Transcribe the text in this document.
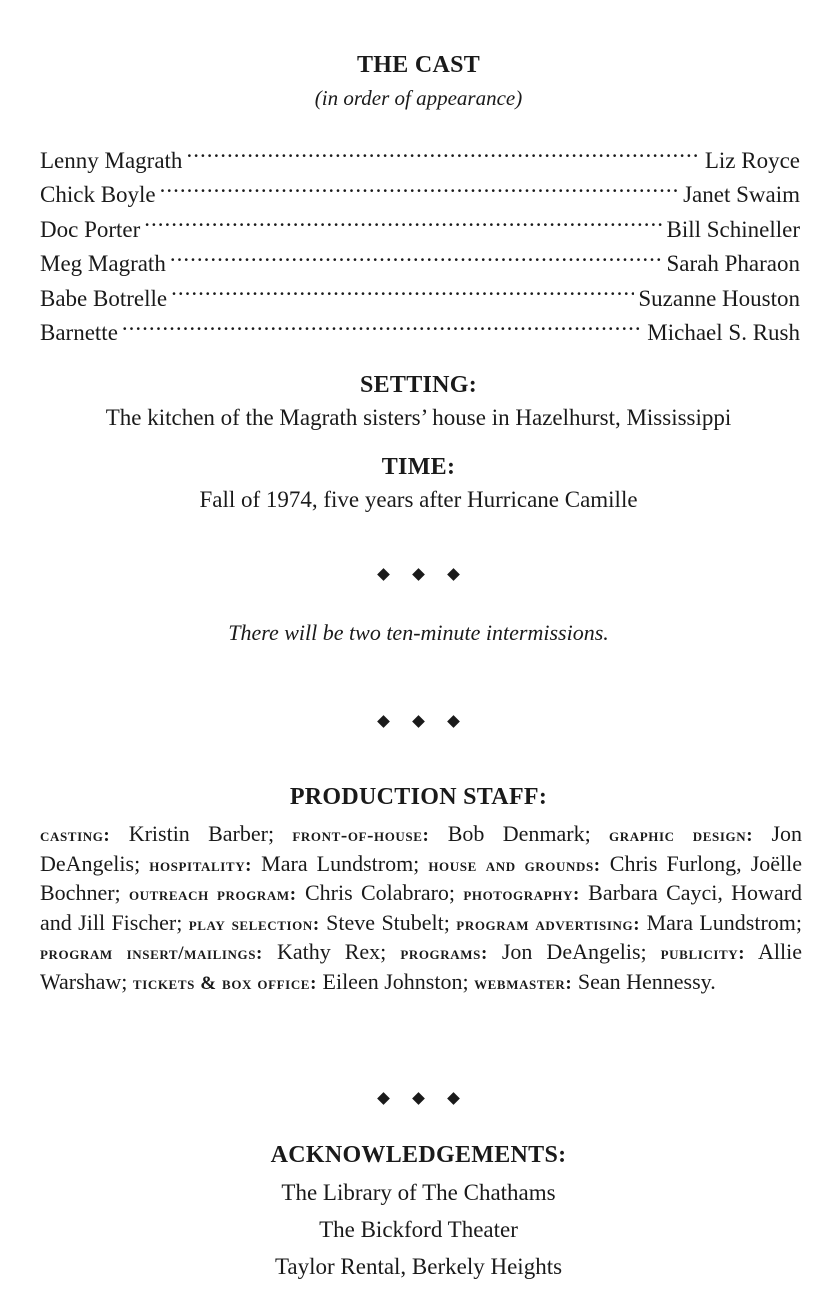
THE CAST
(in order of appearance)
Lenny Magrath .....	Liz Royce
Chick Boyle .....	Janet Swaim
Doc Porter .....	Bill Schineller
Meg Magrath .....	Sarah Pharaon
Babe Botrelle .....	Suzanne Houston
Barnette .....	Michael S. Rush
SETTING:
The kitchen of the Magrath sisters’ house in Hazelhurst, Mississippi
TIME:
Fall of 1974, five years after Hurricane Camille
There will be two ten-minute intermissions.
PRODUCTION STAFF:
casting: Kristin Barber; front-of-house: Bob Denmark; graphic design: Jon DeAngelis; hospitality: Mara Lundstrom; house and grounds: Chris Furlong, Joëlle Bochner; outreach program: Chris Colabraro; photography: Barbara Cayci, Howard and Jill Fischer; play selection: Steve Stubelt; program advertising: Mara Lundstrom; program insert/mailings: Kathy Rex; programs: Jon DeAngelis; publicity: Allie Warshaw; tickets & box office: Eileen Johnston; webmaster: Sean Hennessy.
ACKNOWLEDGEMENTS:
The Library of The Chathams
The Bickford Theater
Taylor Rental, Berkely Heights
